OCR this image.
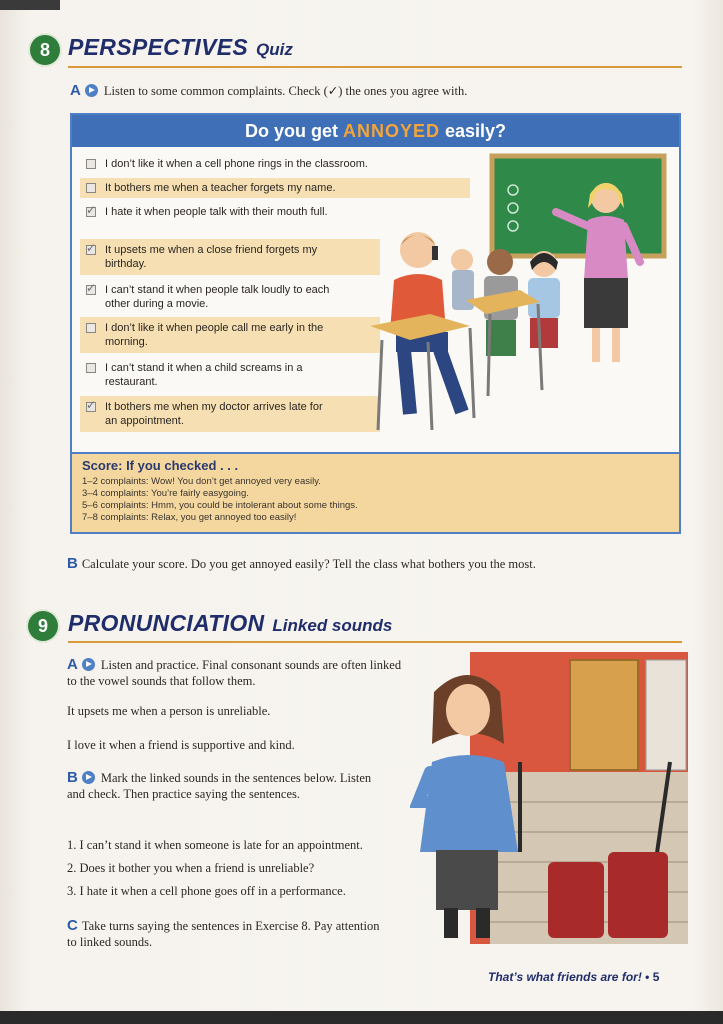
8 PERSPECTIVES Quiz
A Listen to some common complaints. Check (✓) the ones you agree with.
Do you get ANNOYED easily?
I don’t like it when a cell phone rings in the classroom.
It bothers me when a teacher forgets my name.
✓ I hate it when people talk with their mouth full.
✓ It upsets me when a close friend forgets my birthday.
✓ I can’t stand it when people talk loudly to each other during a movie.
I don’t like it when people call me early in the morning.
I can’t stand it when a child screams in a restaurant.
✓ It bothers me when my doctor arrives late for an appointment.
Score: If you checked . . .
1–2 complaints: Wow! You don’t get annoyed very easily.
3–4 complaints: You’re fairly easygoing.
5–6 complaints: Hmm, you could be intolerant about some things.
7–8 complaints: Relax, you get annoyed too easily!
B Calculate your score. Do you get annoyed easily? Tell the class what bothers you the most.
9 PRONUNCIATION Linked sounds
A Listen and practice. Final consonant sounds are often linked to the vowel sounds that follow them.
It upsets me when a person is unreliable.
I love it when a friend is supportive and kind.
B Mark the linked sounds in the sentences below. Listen and check. Then practice saying the sentences.
1. I can’t stand it when someone is late for an appointment.
2. Does it bother you when a friend is unreliable?
3. I hate it when a cell phone goes off in a performance.
C Take turns saying the sentences in Exercise 8. Pay attention to linked sounds.
That’s what friends are for! • 5
